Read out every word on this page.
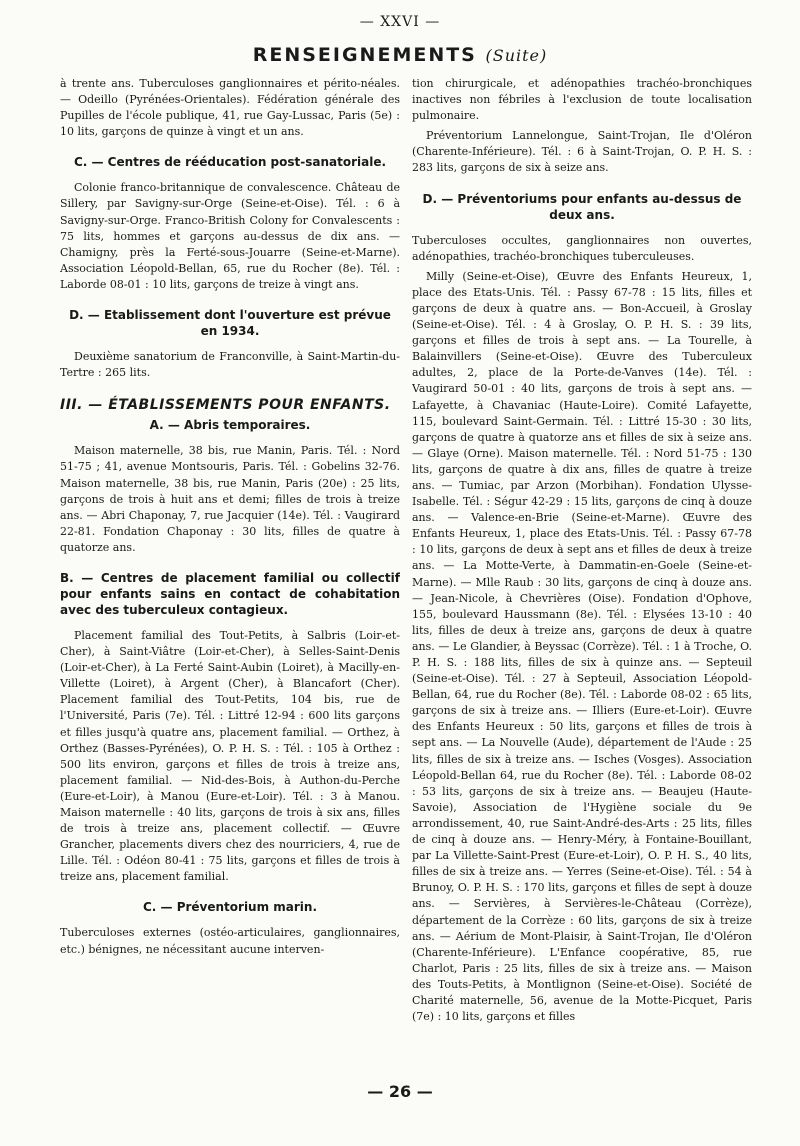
— XXVI —
RENSEIGNEMENTS (Suite)

à trente ans. Tuberculoses ganglionnaires et périto-néales. — Odeillo (Pyrénées-Orientales). Fédération générale des Pupilles de l'école publique, 41, rue Gay-Lussac, Paris (5e) : 10 lits, garçons de quinze à vingt et un ans.

C. — Centres de rééducation post-sanatoriale.

Colonie franco-britannique de convalescence. Château de Sillery, par Savigny-sur-Orge (Seine-et-Oise). Tél. : 6 à Savigny-sur-Orge. Franco-British Colony for Convalescents : 75 lits, hommes et garçons au-dessus de dix ans. — Chamigny, près la Ferté-sous-Jouarre (Seine-et-Marne). Association Léopold-Bellan, 65, rue du Rocher (8e). Tél. : Laborde 08-01 : 10 lits, garçons de treize à vingt ans.

D. — Etablissement dont l'ouverture est prévue en 1934.

Deuxième sanatorium de Franconville, à Saint-Martin-du-Tertre : 265 lits.

III. — ÉTABLISSEMENTS POUR ENFANTS.
A. — Abris temporaires.

Maison maternelle, 38 bis, rue Manin, Paris. Tél. : Nord 51-75 ; 41, avenue Montsouris, Paris. Tél. : Gobelins 32-76. Maison maternelle, 38 bis, rue Manin, Paris (20e) : 25 lits, garçons de trois à huit ans et demi; filles de trois à treize ans. — Abri Chaponay, 7, rue Jacquier (14e). Tél. : Vaugirard 22-81. Fondation Chaponay : 30 lits, filles de quatre à quatorze ans.

B. — Centres de placement familial ou collectif pour enfants sains en contact de cohabitation avec des tuberculeux contagieux.

Placement familial des Tout-Petits, à Salbris (Loir-et-Cher), à Saint-Viâtre (Loir-et-Cher), à Selles-Saint-Denis (Loir-et-Cher), à La Ferté Saint-Aubin (Loiret), à Macilly-en-Villette (Loiret), à Argent (Cher), à Blancafort (Cher). Placement familial des Tout-Petits, 104 bis, rue de l'Université, Paris (7e). Tél. : Littré 12-94 : 600 lits garçons et filles jusqu'à quatre ans, placement familial. — Orthez, à Orthez (Basses-Pyrénées), O. P. H. S. : Tél. : 105 à Orthez : 500 lits environ, garçons et filles de trois à treize ans, placement familial. — Nid-des-Bois, à Authon-du-Perche (Eure-et-Loir), à Manou (Eure-et-Loir). Tél. : 3 à Manou. Maison maternelle : 40 lits, garçons de trois à six ans, filles de trois à treize ans, placement collectif. — Œuvre Grancher, placements divers chez des nourriciers, 4, rue de Lille. Tél. : Odéon 80-41 : 75 lits, garçons et filles de trois à treize ans, placement familial.

C. — Préventorium marin.

Tuberculoses externes (ostéo-articulaires, ganglionnaires, etc.) bénignes, ne nécessitant aucune interven-

tion chirurgicale, et adénopathies trachéo-bronchiques inactives non fébriles à l'exclusion de toute localisation pulmonaire.

Préventorium Lannelongue, Saint-Trojan, Ile d'Oléron (Charente-Inférieure). Tél. : 6 à Saint-Trojan, O. P. H. S. : 283 lits, garçons de six à seize ans.

D. — Préventoriums pour enfants au-dessus de deux ans.

Tuberculoses occultes, ganglionnaires non ouvertes, adénopathies, trachéo-bronchiques tuberculeuses.

Milly (Seine-et-Oise), Œuvre des Enfants Heureux, 1, place des Etats-Unis. Tél. : Passy 67-78 : 15 lits, filles et garçons de deux à quatre ans. — Bon-Accueil, à Groslay (Seine-et-Oise). Tél. : 4 à Groslay, O. P. H. S. : 39 lits, garçons et filles de trois à sept ans. — La Tourelle, à Balainvillers (Seine-et-Oise). Œuvre des Tuberculeux adultes, 2, place de la Porte-de-Vanves (14e). Tél. : Vaugirard 50-01 : 40 lits, garçons de trois à sept ans. — Lafayette, à Chavaniac (Haute-Loire). Comité Lafayette, 115, boulevard Saint-Germain. Tél. : Littré 15-30 : 30 lits, garçons de quatre à quatorze ans et filles de six à seize ans. — Glaye (Orne). Maison maternelle. Tél. : Nord 51-75 : 130 lits, garçons de quatre à dix ans, filles de quatre à treize ans. — Tumiac, par Arzon (Morbihan). Fondation Ulysse-Isabelle. Tél. : Ségur 42-29 : 15 lits, garçons de cinq à douze ans. — Valence-en-Brie (Seine-et-Marne). Œuvre des Enfants Heureux, 1, place des Etats-Unis. Tél. : Passy 67-78 : 10 lits, garçons de deux à sept ans et filles de deux à treize ans. — La Motte-Verte, à Dammatin-en-Goele (Seine-et-Marne). — Mlle Raub : 30 lits, garçons de cinq à douze ans. — Jean-Nicole, à Chevrières (Oise). Fondation d'Ophove, 155, boulevard Haussmann (8e). Tél. : Elysées 13-10 : 40 lits, filles de deux à treize ans, garçons de deux à quatre ans. — Le Glandier, à Beyssac (Corrèze). Tél. : 1 à Troche, O. P. H. S. : 188 lits, filles de six à quinze ans. — Septeuil (Seine-et-Oise). Tél. : 27 à Septeuil, Association Léopold-Bellan, 64, rue du Rocher (8e). Tél. : Laborde 08-02 : 65 lits, garçons de six à treize ans. — Illiers (Eure-et-Loir). Œuvre des Enfants Heureux : 50 lits, garçons et filles de trois à sept ans. — La Nouvelle (Aude), département de l'Aude : 25 lits, filles de six à treize ans. — Isches (Vosges). Association Léopold-Bellan 64, rue du Rocher (8e). Tél. : Laborde 08-02 : 53 lits, garçons de six à treize ans. — Beaujeu (Haute-Savoie), Association de l'Hygiène sociale du 9e arrondissement, 40, rue Saint-André-des-Arts : 25 lits, filles de cinq à douze ans. — Henry-Méry, à Fontaine-Bouillant, par La Villette-Saint-Prest (Eure-et-Loir), O. P. H. S., 40 lits, filles de six à treize ans. — Yerres (Seine-et-Oise). Tél. : 54 à Brunoy, O. P. H. S. : 170 lits, garçons et filles de sept à douze ans. — Servières, à Servières-le-Château (Corrèze), département de la Corrèze : 60 lits, garçons de six à treize ans. — Aérium de Mont-Plaisir, à Saint-Trojan, Ile d'Oléron (Charente-Inférieure). L'Enfance coopérative, 85, rue Charlot, Paris : 25 lits, filles de six à treize ans. — Maison des Touts-Petits, à Montlignon (Seine-et-Oise). Société de Charité maternelle, 56, avenue de la Motte-Picquet, Paris (7e) : 10 lits, garçons et filles

— 26 —
